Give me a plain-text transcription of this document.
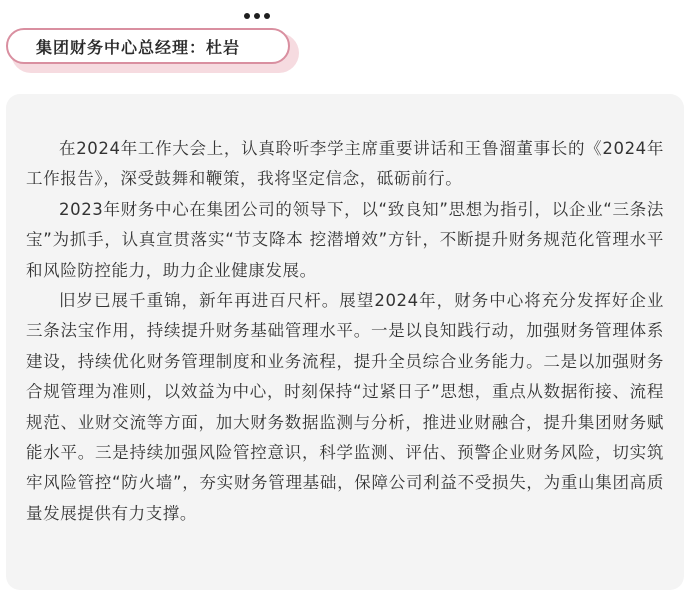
集团财务中心总经理：杜岩

在2024年工作大会上，认真聆听李学主席重要讲话和王鲁溜董事长的《2024年工作报告》，深受鼓舞和鞭策，我将坚定信念，砥砺前行。

2023年财务中心在集团公司的领导下，以“致良知”思想为指引，以企业“三条法宝”为抓手，认真宣贯落实“节支降本 挖潜增效”方针，不断提升财务规范化管理水平和风险防控能力，助力企业健康发展。

旧岁已展千重锦，新年再进百尺杆。展望2024年，财务中心将充分发挥好企业三条法宝作用，持续提升财务基础管理水平。一是以良知践行动，加强财务管理体系建设，持续优化财务管理制度和业务流程，提升全员综合业务能力。二是以加强财务合规管理为准则，以效益为中心，时刻保持“过紧日子”思想，重点从数据衔接、流程规范、业财交流等方面，加大财务数据监测与分析，推进业财融合，提升集团财务赋能水平。三是持续加强风险管控意识，科学监测、评估、预警企业财务风险，切实筑牢风险管控“防火墙”，夯实财务管理基础，保障公司利益不受损失，为重山集团高质量发展提供有力支撑。
